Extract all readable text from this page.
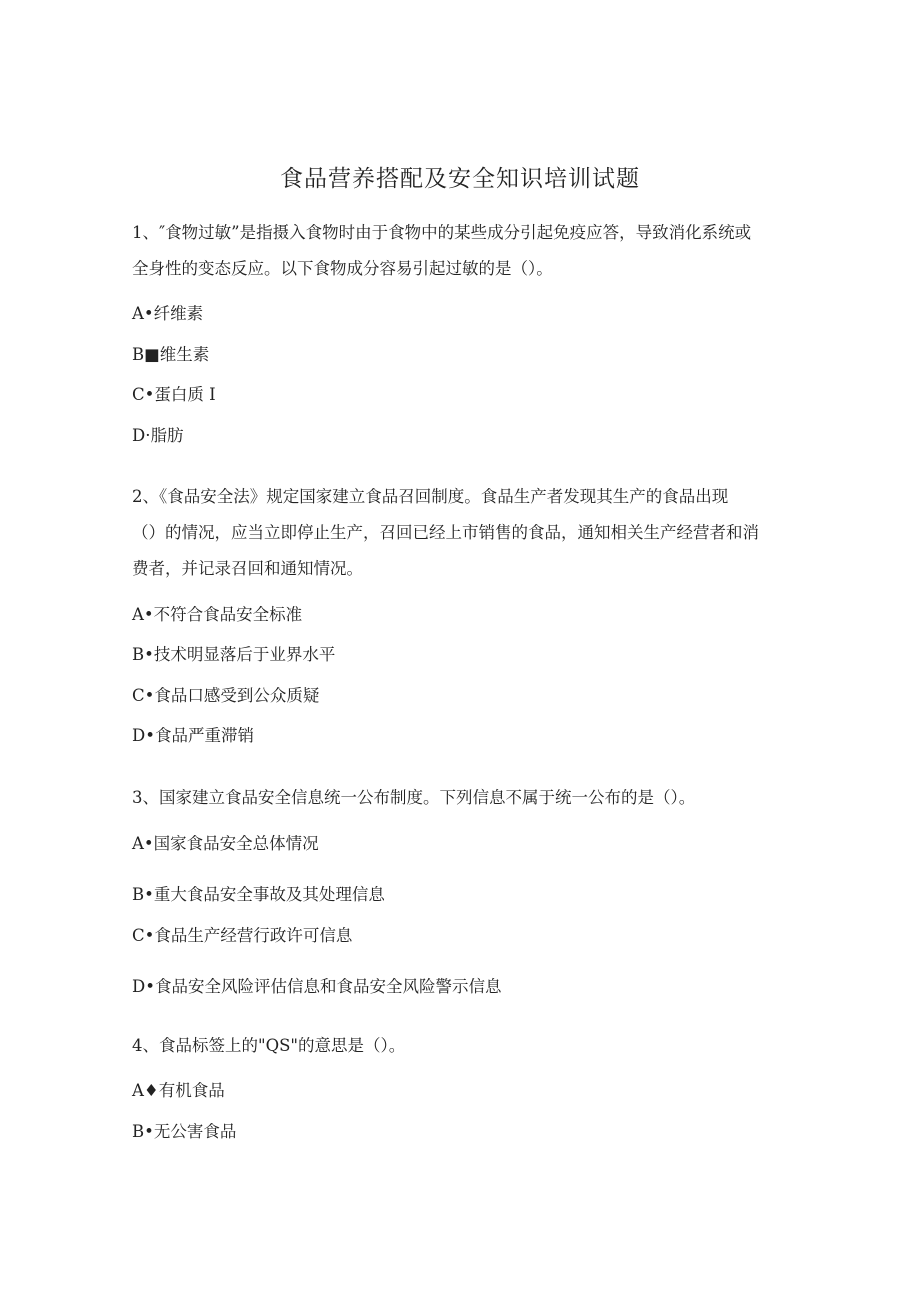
食品营养搭配及安全知识培训试题
1、″食物过敏”是指摄入食物时由于食物中的某些成分引起免疫应答，导致消化系统或
全身性的变态反应。以下食物成分容易引起过敏的是（）。
A•纤维素
B■维生素
C•蛋白质 I
D·脂肪
2、《食品安全法》规定国家建立食品召回制度。食品生产者发现其生产的食品出现
（）的情况，应当立即停止生产，召回已经上市销售的食品，通知相关生产经营者和消
费者，并记录召回和通知情况。
A•不符合食品安全标准
B•技术明显落后于业界水平
C•食品口感受到公众质疑
D•食品严重滞销
3、国家建立食品安全信息统一公布制度。下列信息不属于统一公布的是（）。
A•国家食品安全总体情况
B•重大食品安全事故及其处理信息
C•食品生产经营行政许可信息
D•食品安全风险评估信息和食品安全风险警示信息
4、食品标签上的"QS"的意思是（）。
A♦有机食品
B•无公害食品
